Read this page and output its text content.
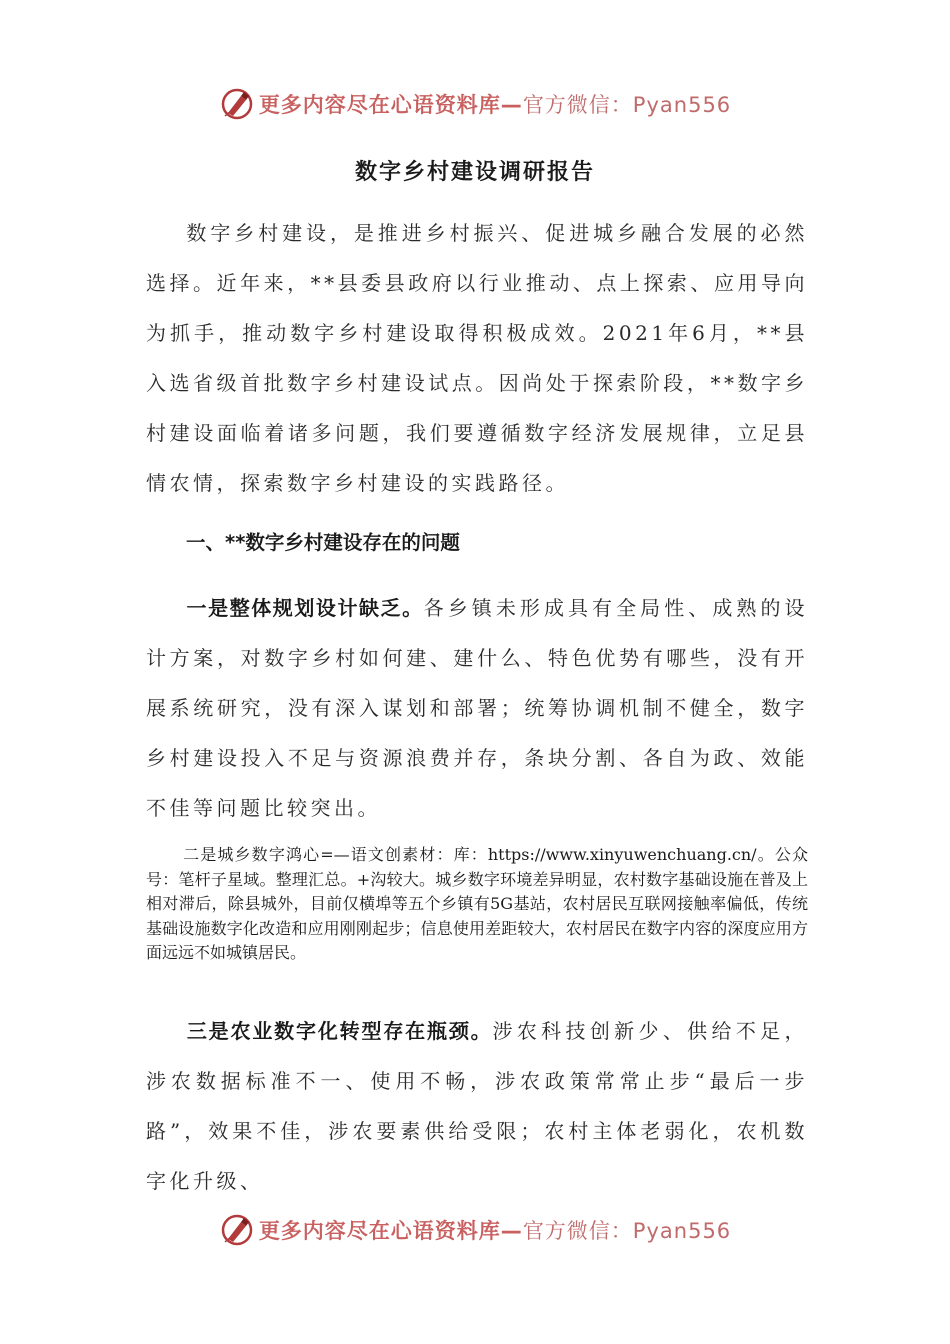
更多内容尽在心语资料库—官方微信：Pyan556
数字乡村建设调研报告
数字乡村建设，是推进乡村振兴、促进城乡融合发展的必然选择。近年来，**县委县政府以行业推动、点上探索、应用导向为抓手，推动数字乡村建设取得积极成效。2021年6月，**县入选省级首批数字乡村建设试点。因尚处于探索阶段，**数字乡村建设面临着诸多问题，我们要遵循数字经济发展规律，立足县情农情，探索数字乡村建设的实践路径。
一、**数字乡村建设存在的问题
一是整体规划设计缺乏。各乡镇未形成具有全局性、成熟的设计方案，对数字乡村如何建、建什么、特色优势有哪些，没有开展系统研究，没有深入谋划和部署；统筹协调机制不健全，数字乡村建设投入不足与资源浪费并存，条块分割、各自为政、效能不佳等问题比较突出。
二是城乡数字鸿心=—语文创素材：库：https://www.xinyuwenchuang.cn/。公众号：笔杆子星域。整理汇总。+沟较大。城乡数字环境差异明显，农村数字基础设施在普及上相对滞后，除县城外，目前仅横埠等五个乡镇有5G基站，农村居民互联网接触率偏低，传统基础设施数字化改造和应用刚刚起步；信息使用差距较大，农村居民在数字内容的深度应用方面远远不如城镇居民。
三是农业数字化转型存在瓶颈。涉农科技创新少、供给不足，涉农数据标准不一、使用不畅，涉农政策常常止步“最后一步路”，效果不佳，涉农要素供给受限；农村主体老弱化，农机数字化升级、
更多内容尽在心语资料库—官方微信：Pyan556
